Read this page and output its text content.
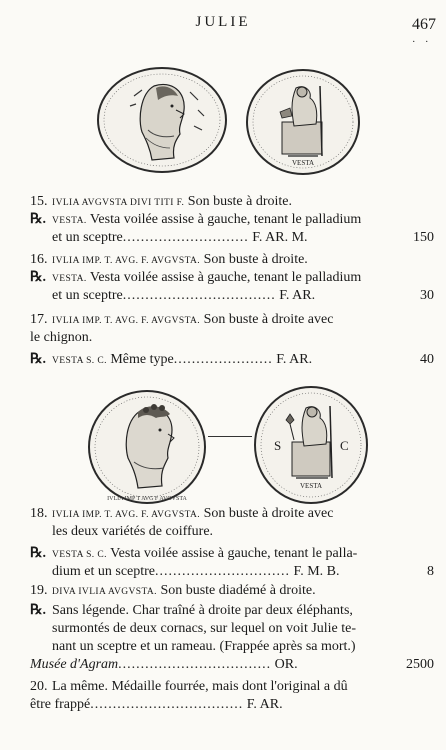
JULIE	467
. .
VESTA
15. IVLIA AVGVSTA DIVI TITI F. Son buste à droite.
℞. VESTA. Vesta voilée assise à gauche, tenant le palladium
et un sceptre............................ F. AR. M.	150
16. IVLIA IMP. T. AVG. F. AVGVSTA. Son buste à droite.
℞. VESTA. Vesta voilée assise à gauche, tenant le palladium
et un sceptre.................................. F. AR.	30
17. IVLIA IMP. T. AVG. F. AVGVSTA. Son buste à droite avec
le chignon.
℞. VESTA S. C. Même type...................... F. AR.	40
IVLIA IMP T AVG F AVGVSTA
S	C
VESTA
18. IVLIA IMP. T. AVG. F. AVGVSTA. Son buste à droite avec
les deux variétés de coiffure.
℞. VESTA S. C. Vesta voilée assise à gauche, tenant le palla-
dium et un sceptre.............................. F. M. B.	8
19. DIVA IVLIA AVGVSTA. Son buste diadémé à droite.
℞. Sans légende. Char traîné à droite par deux éléphants,
surmontés de deux cornacs, sur lequel on voit Julie te-
nant un sceptre et un rameau. (Frappée après sa mort.)
Musée d'Agram.................................. OR.	2500
20. La même. Médaille fourrée, mais dont l'original a dû
être frappé.................................. F. AR.
